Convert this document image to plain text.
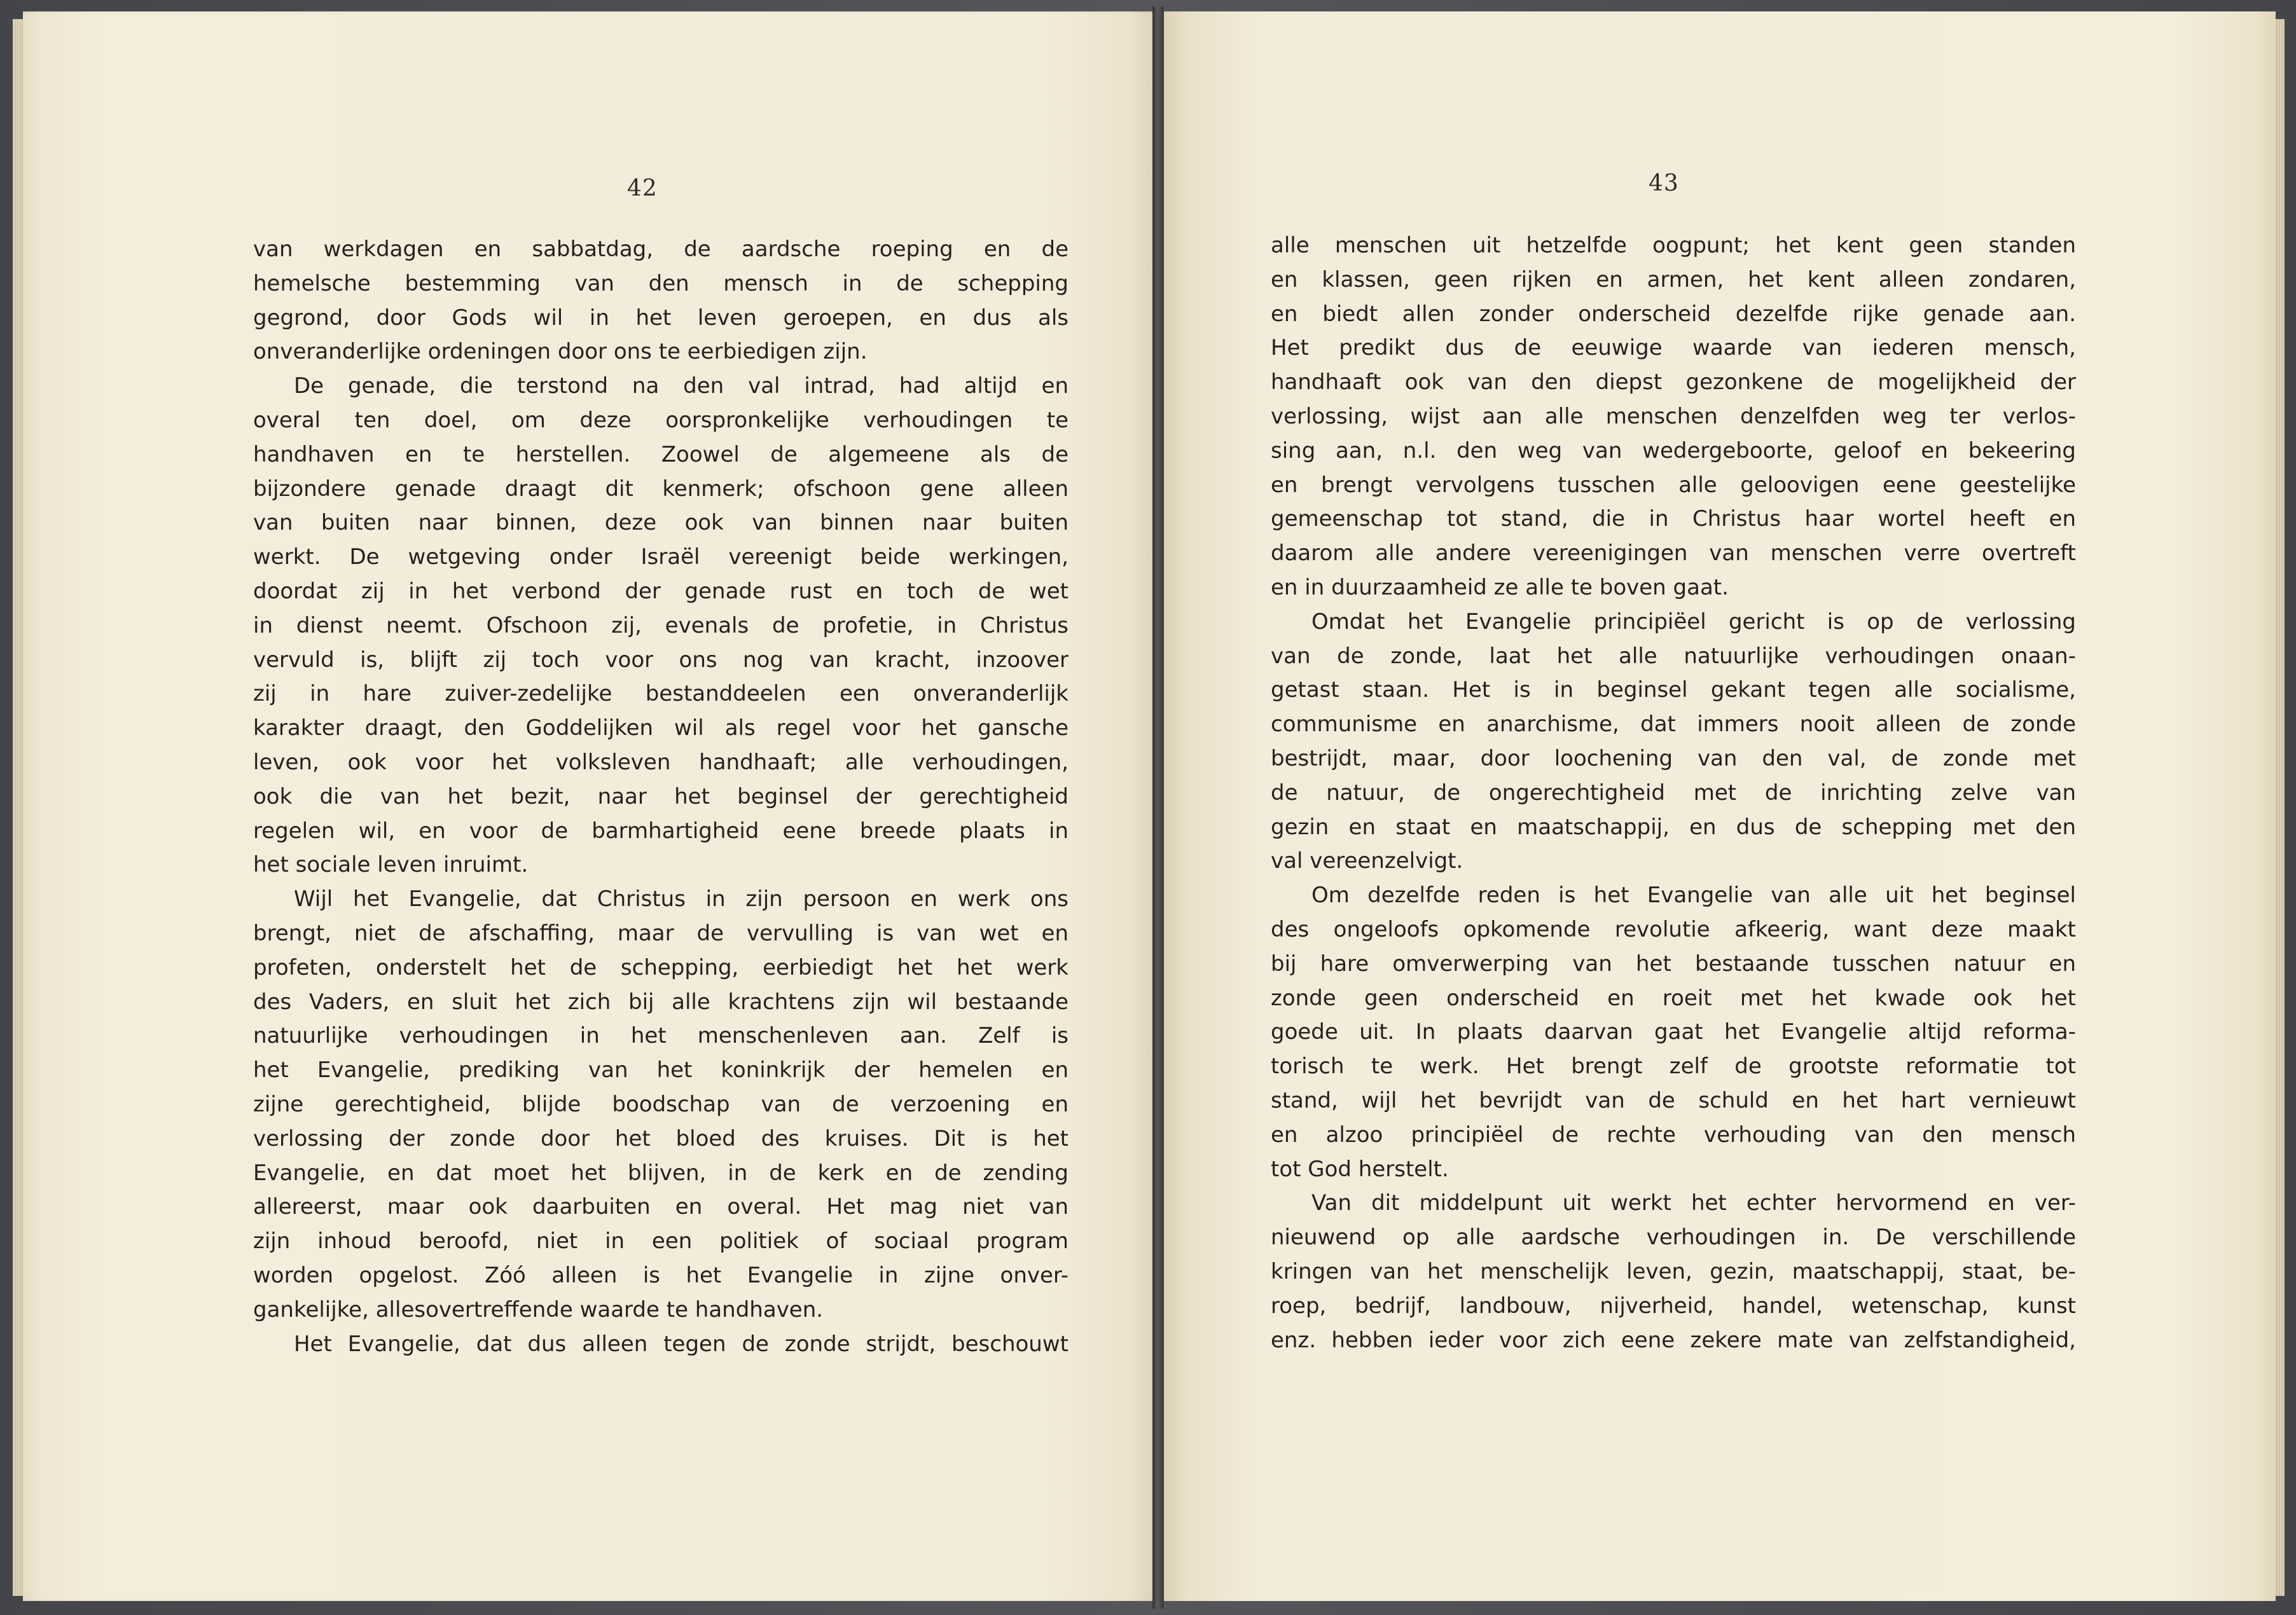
42
van werkdagen en sabbatdag, de aardsche roeping en de
hemelsche bestemming van den mensch in de schepping
gegrond, door Gods wil in het leven geroepen, en dus als
onveranderlijke ordeningen door ons te eerbiedigen zijn.
De genade, die terstond na den val intrad, had altijd en
overal ten doel, om deze oorspronkelijke verhoudingen te
handhaven en te herstellen. Zoowel de algemeene als de
bijzondere genade draagt dit kenmerk; ofschoon gene alleen
van buiten naar binnen, deze ook van binnen naar buiten
werkt. De wetgeving onder Israël vereenigt beide werkingen,
doordat zij in het verbond der genade rust en toch de wet
in dienst neemt. Ofschoon zij, evenals de profetie, in Christus
vervuld is, blijft zij toch voor ons nog van kracht, inzoover
zij in hare zuiver-zedelijke bestanddeelen een onveranderlijk
karakter draagt, den Goddelijken wil als regel voor het gansche
leven, ook voor het volksleven handhaaft; alle verhoudingen,
ook die van het bezit, naar het beginsel der gerechtigheid
regelen wil, en voor de barmhartigheid eene breede plaats in
het sociale leven inruimt.
Wijl het Evangelie, dat Christus in zijn persoon en werk ons
brengt, niet de afschaffing, maar de vervulling is van wet en
profeten, onderstelt het de schepping, eerbiedigt het het werk
des Vaders, en sluit het zich bij alle krachtens zijn wil bestaande
natuurlijke verhoudingen in het menschenleven aan. Zelf is
het Evangelie, prediking van het koninkrijk der hemelen en
zijne gerechtigheid, blijde boodschap van de verzoening en
verlossing der zonde door het bloed des kruises. Dit is het
Evangelie, en dat moet het blijven, in de kerk en de zending
allereerst, maar ook daarbuiten en overal. Het mag niet van
zijn inhoud beroofd, niet in een politiek of sociaal program
worden opgelost. Zóó alleen is het Evangelie in zijne onver-
gankelijke, allesovertreffende waarde te handhaven.
Het Evangelie, dat dus alleen tegen de zonde strijdt, beschouwt
43
alle menschen uit hetzelfde oogpunt; het kent geen standen
en klassen, geen rijken en armen, het kent alleen zondaren,
en biedt allen zonder onderscheid dezelfde rijke genade aan.
Het predikt dus de eeuwige waarde van iederen mensch,
handhaaft ook van den diepst gezonkene de mogelijkheid der
verlossing, wijst aan alle menschen denzelfden weg ter verlos-
sing aan, n.l. den weg van wedergeboorte, geloof en bekeering
en brengt vervolgens tusschen alle geloovigen eene geestelijke
gemeenschap tot stand, die in Christus haar wortel heeft en
daarom alle andere vereenigingen van menschen verre overtreft
en in duurzaamheid ze alle te boven gaat.
Omdat het Evangelie principiëel gericht is op de verlossing
van de zonde, laat het alle natuurlijke verhoudingen onaan-
getast staan. Het is in beginsel gekant tegen alle socialisme,
communisme en anarchisme, dat immers nooit alleen de zonde
bestrijdt, maar, door loochening van den val, de zonde met
de natuur, de ongerechtigheid met de inrichting zelve van
gezin en staat en maatschappij, en dus de schepping met den
val vereenzelvigt.
Om dezelfde reden is het Evangelie van alle uit het beginsel
des ongeloofs opkomende revolutie afkeerig, want deze maakt
bij hare omverwerping van het bestaande tusschen natuur en
zonde geen onderscheid en roeit met het kwade ook het
goede uit. In plaats daarvan gaat het Evangelie altijd reforma-
torisch te werk. Het brengt zelf de grootste reformatie tot
stand, wijl het bevrijdt van de schuld en het hart vernieuwt
en alzoo principiëel de rechte verhouding van den mensch
tot God herstelt.
Van dit middelpunt uit werkt het echter hervormend en ver-
nieuwend op alle aardsche verhoudingen in. De verschillende
kringen van het menschelijk leven, gezin, maatschappij, staat, be-
roep, bedrijf, landbouw, nijverheid, handel, wetenschap, kunst
enz. hebben ieder voor zich eene zekere mate van zelfstandigheid,
